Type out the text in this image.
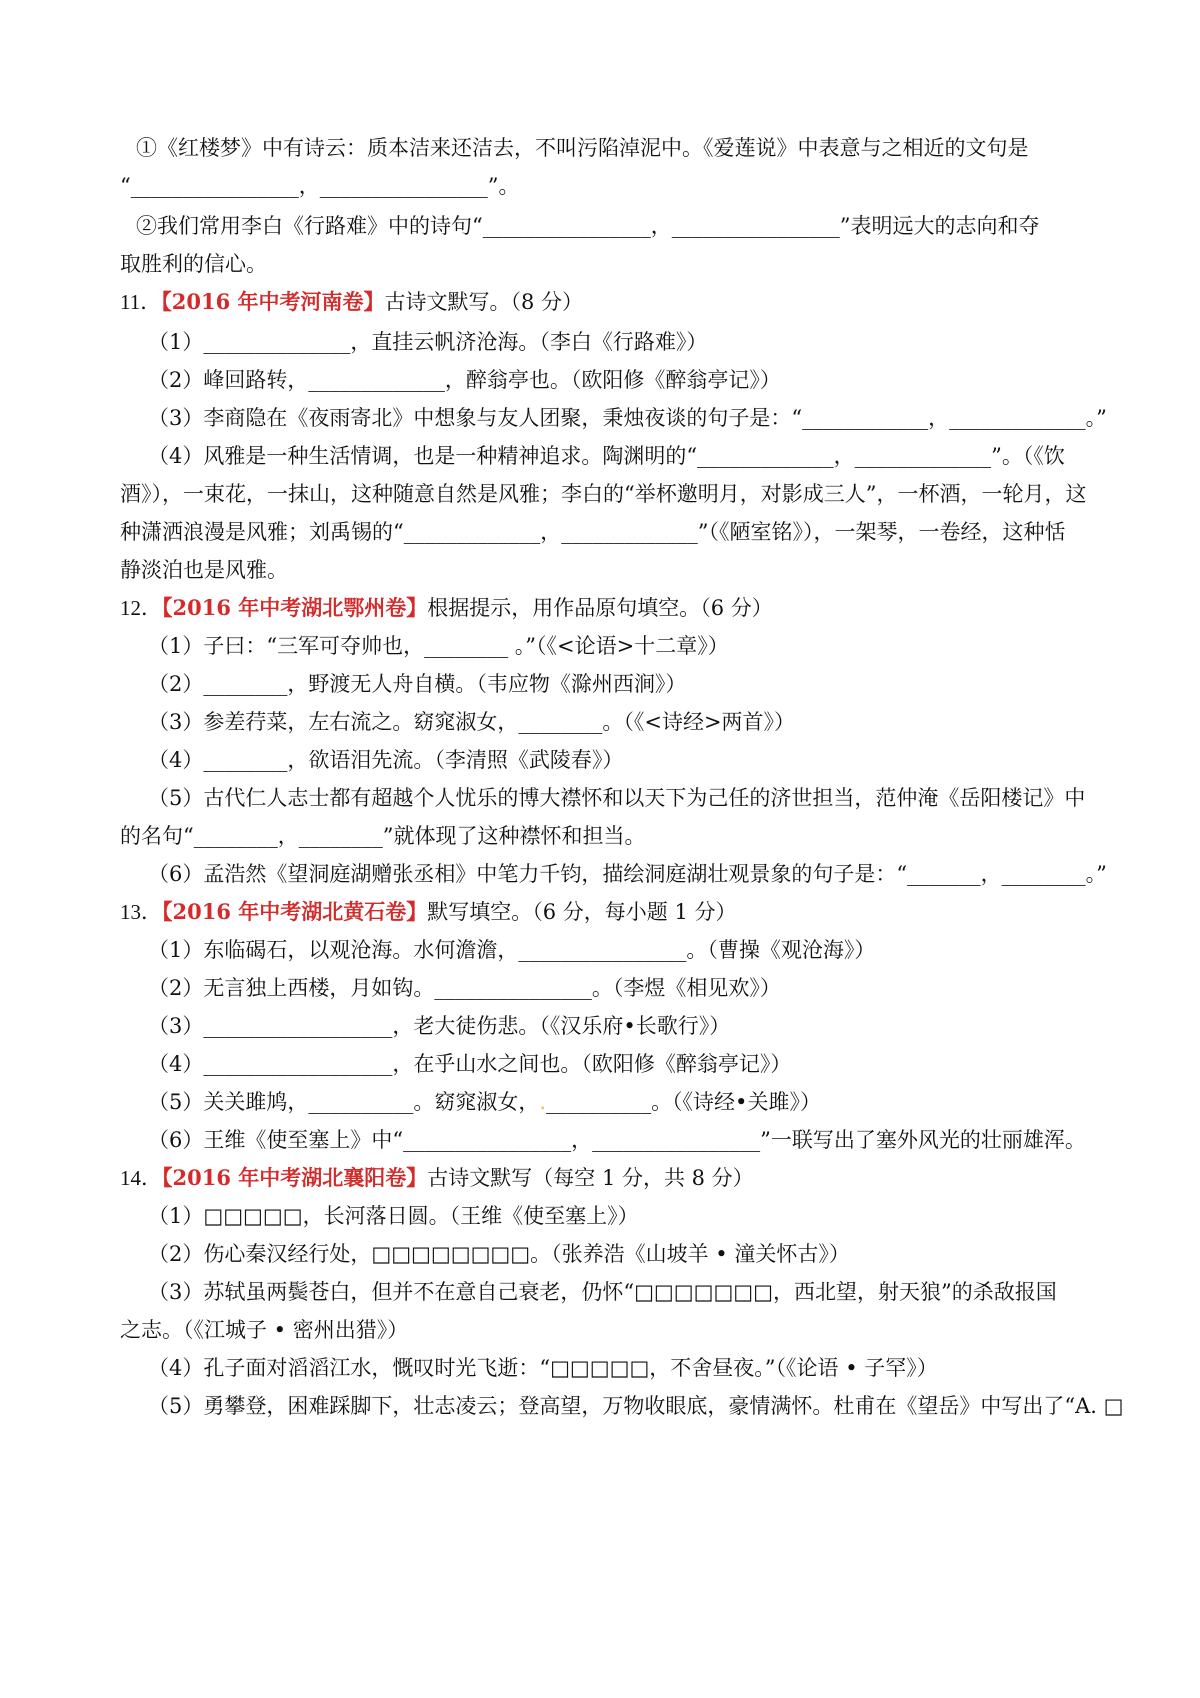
①《红楼梦》中有诗云：质本洁来还洁去，不叫污陷淖泥中。《爱莲说》中表意与之相近的文句是
“________________，________________”。
②我们常用李白《行路难》中的诗句“________________，________________”表明远大的志向和夺
取胜利的信心。
11．【2016 年中考河南卷】古诗文默写。（8 分）
（1）______________，直挂云帆济沧海。（李白《行路难》）
（2）峰回路转，_____________，醉翁亭也。（欧阳修《醉翁亭记》）
（3）李商隐在《夜雨寄北》中想象与友人团聚，秉烛夜谈的句子是：“____________，_____________。”
（4）风雅是一种生活情调，也是一种精神追求。陶渊明的“_____________，_____________”。（《饮
酒》），一束花，一抹山，这种随意自然是风雅；李白的“举杯邀明月，对影成三人”，一杯酒，一轮月，这
种潇洒浪漫是风雅；刘禹锡的“_____________，_____________”（《陋室铭》），一架琴，一卷经，这种恬
静淡泊也是风雅。
12．【2016 年中考湖北鄂州卷】根据提示，用作品原句填空。（6 分）
（1）子曰：“三军可夺帅也，________ 。”（《<论语>十二章》）
（2）________，野渡无人舟自横。（韦应物《滁州西涧》）
（3）参差荇菜，左右流之。窈窕淑女，________。（《<诗经>两首》）
（4）________，欲语泪先流。（李清照《武陵春》）
（5）古代仁人志士都有超越个人忧乐的博大襟怀和以天下为己任的济世担当，范仲淹《岳阳楼记》中
的名句“________，________”就体现了这种襟怀和担当。
（6）孟浩然《望洞庭湖赠张丞相》中笔力千钧，描绘洞庭湖壮观景象的句子是：“_______，________。”
13．【2016 年中考湖北黄石卷】默写填空。（6 分，每小题 1 分）
（1）东临碣石，以观沧海。水何澹澹，________________。（曹操《观沧海》）
（2）无言独上西楼，月如钩。_______________。（李煜《相见欢》）
（3）__________________，老大徒伤悲。（《汉乐府•长歌行》）
（4）__________________，在乎山水之间也。（欧阳修《醉翁亭记》）
（5）关关雎鸠，__________。窈窕淑女，.__________。（《诗经•关雎》）
（6）王维《使至塞上》中“________________，________________”一联写出了塞外风光的壮丽雄浑。
14．【2016 年中考湖北襄阳卷】古诗文默写（每空 1 分，共 8 分）
（1）□□□□□，长河落日圆。（王维《使至塞上》）
（2）伤心秦汉经行处，□□□□□□□□。（张养浩《山坡羊 • 潼关怀古》）
（3）苏轼虽两鬓苍白，但并不在意自己衰老，仍怀“□□□□□□□，西北望，射天狼”的杀敌报国
之志。（《江城子 • 密州出猎》）
（4）孔子面对滔滔江水，慨叹时光飞逝：“□□□□□，不舍昼夜。”（《论语 • 子罕》）
（5）勇攀登，困难踩脚下，壮志凌云；登高望，万物收眼底，豪情满怀。杜甫在《望岳》中写出了“A. □
